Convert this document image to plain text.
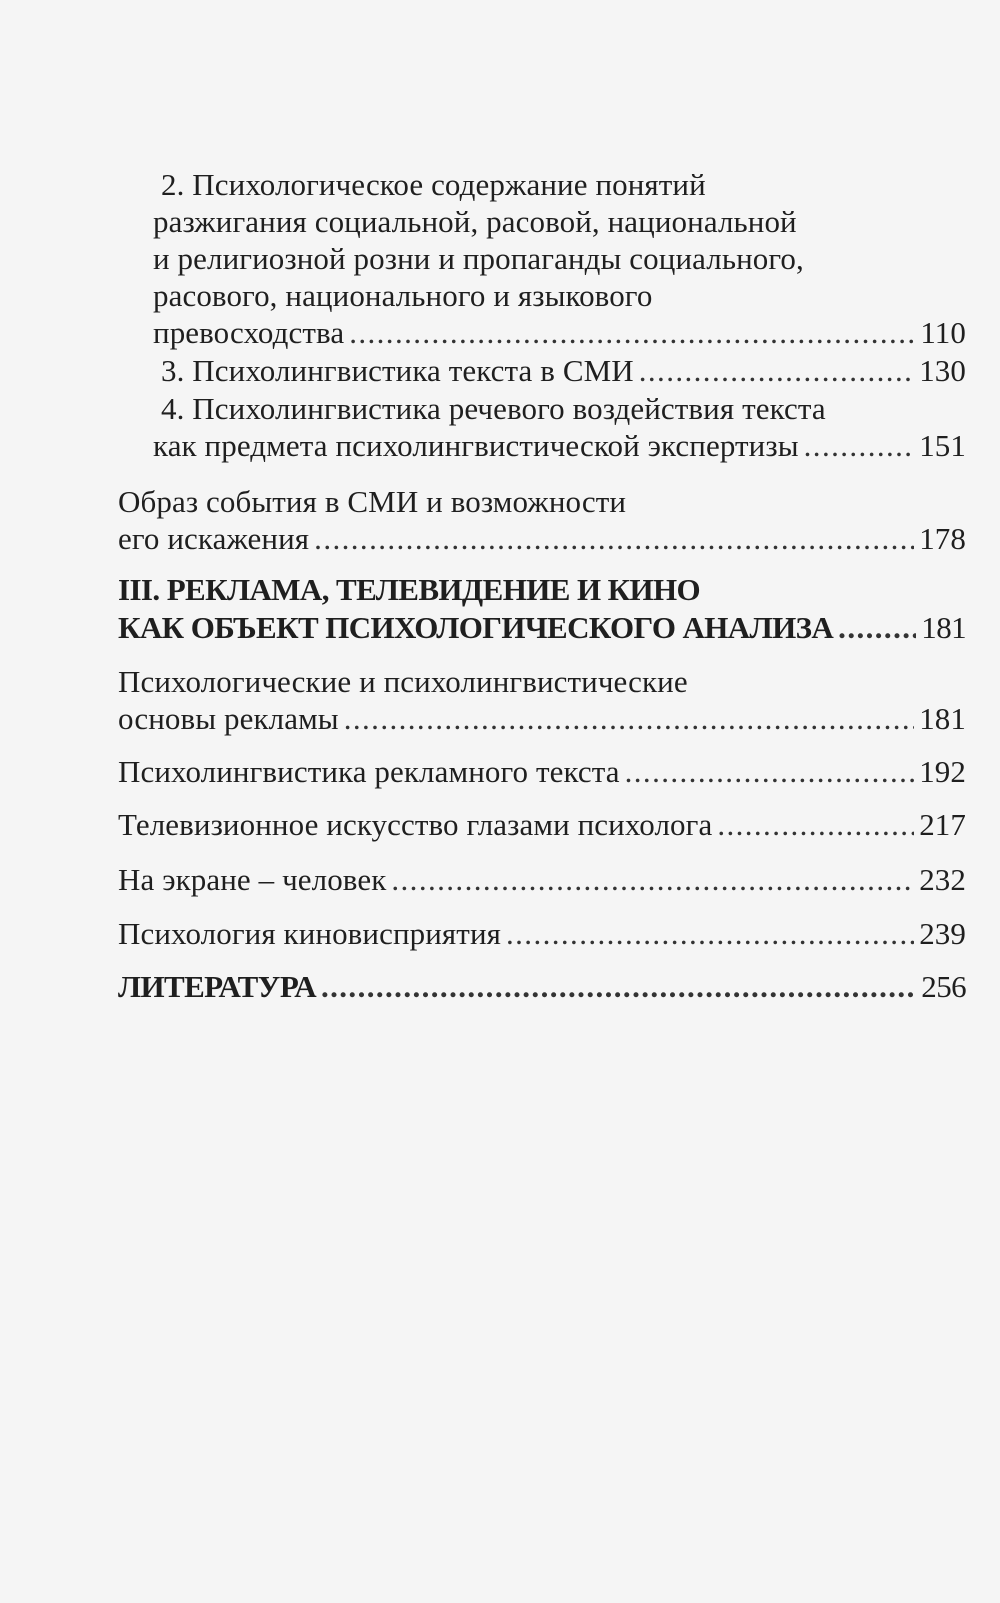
2. Психологическое содержание понятий
разжигания социальной, расовой, национальной
и религиозной розни и пропаганды социального,
расового, национального и языкового
превосходства .....	110
3. Психолингвистика текста в СМИ .....	130
4. Психолингвистика речевого воздействия текста
как предмета психолингвистической экспертизы .....	151
Образ события в СМИ и возможности
его искажения .....	178
III. РЕКЛАМА, ТЕЛЕВИДЕНИЕ И КИНО
КАК ОБЪЕКТ ПСИХОЛОГИЧЕСКОГО АНАЛИЗА .....	181
Психологические и психолингвистические
основы рекламы .....	181
Психолингвистика рекламного текста .....	192
Телевизионное искусство глазами психолога .....	217
На экране – человек .....	232
Психология киновисприятия .....	239
ЛИТЕРАТУРА .....	256
